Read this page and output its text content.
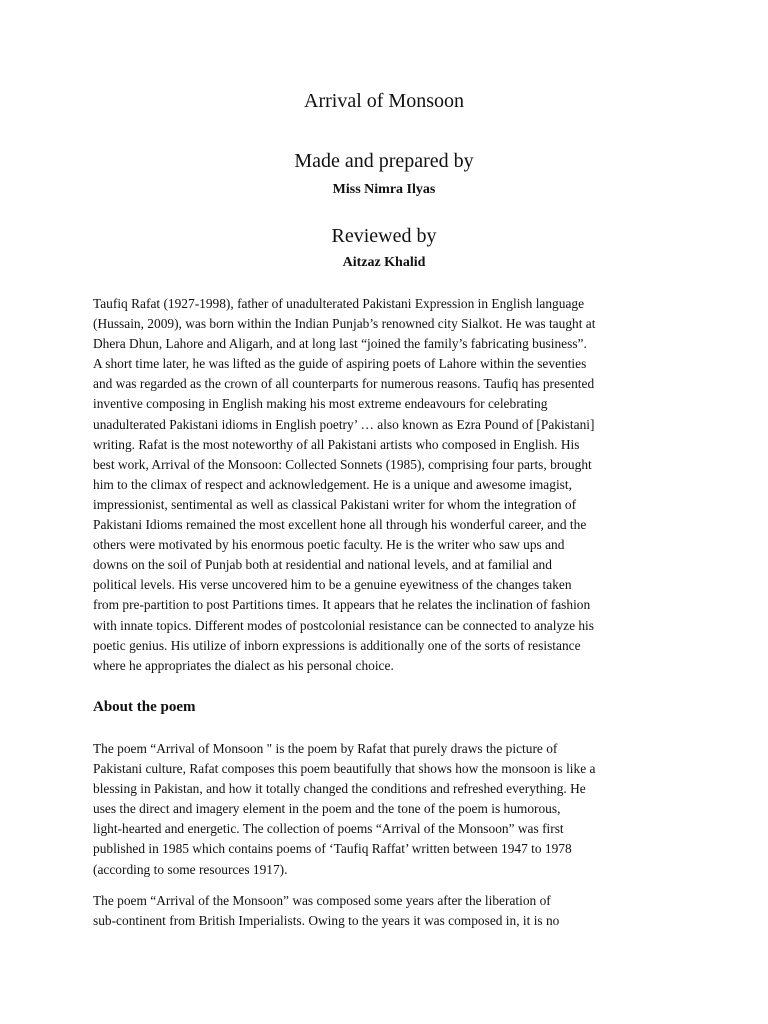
Arrival of Monsoon
Made and prepared by
Miss Nimra Ilyas
Reviewed by
Aitzaz Khalid
Taufiq Rafat (1927-1998), father of unadulterated Pakistani Expression in English language
(Hussain, 2009), was born within the Indian Punjab’s renowned city Sialkot. He was taught at
Dhera Dhun, Lahore and Aligarh, and at long last “joined the family’s fabricating business”.
A short time later, he was lifted as the guide of aspiring poets of Lahore within the seventies
and was regarded as the crown of all counterparts for numerous reasons. Taufiq has presented
inventive composing in English making his most extreme endeavours for celebrating
unadulterated Pakistani idioms in English poetry’ … also known as Ezra Pound of [Pakistani]
writing. Rafat is the most noteworthy of all Pakistani artists who composed in English. His
best work, Arrival of the Monsoon: Collected Sonnets (1985), comprising four parts, brought
him to the climax of respect and acknowledgement. He is a unique and awesome imagist,
impressionist, sentimental as well as classical Pakistani writer for whom the integration of
Pakistani Idioms remained the most excellent hone all through his wonderful career, and the
others were motivated by his enormous poetic faculty. He is the writer who saw ups and
downs on the soil of Punjab both at residential and national levels, and at familial and
political levels. His verse uncovered him to be a genuine eyewitness of the changes taken
from pre-partition to post Partitions times. It appears that he relates the inclination of fashion
with innate topics. Different modes of postcolonial resistance can be connected to analyze his
poetic genius. His utilize of inborn expressions is additionally one of the sorts of resistance
where he appropriates the dialect as his personal choice.
About the poem
The poem “Arrival of Monsoon " is the poem by Rafat that purely draws the picture of
Pakistani culture, Rafat composes this poem beautifully that shows how the monsoon is like a
blessing in Pakistan, and how it totally changed the conditions and refreshed everything. He
uses the direct and imagery element in the poem and the tone of the poem is humorous,
light-hearted and energetic. The collection of poems “Arrival of the Monsoon” was first
published in 1985 which contains poems of ‘Taufiq Raffat’ written between 1947 to 1978
(according to some resources 1917).
The poem “Arrival of the Monsoon” was composed some years after the liberation of
sub-continent from British Imperialists. Owing to the years it was composed in, it is no
